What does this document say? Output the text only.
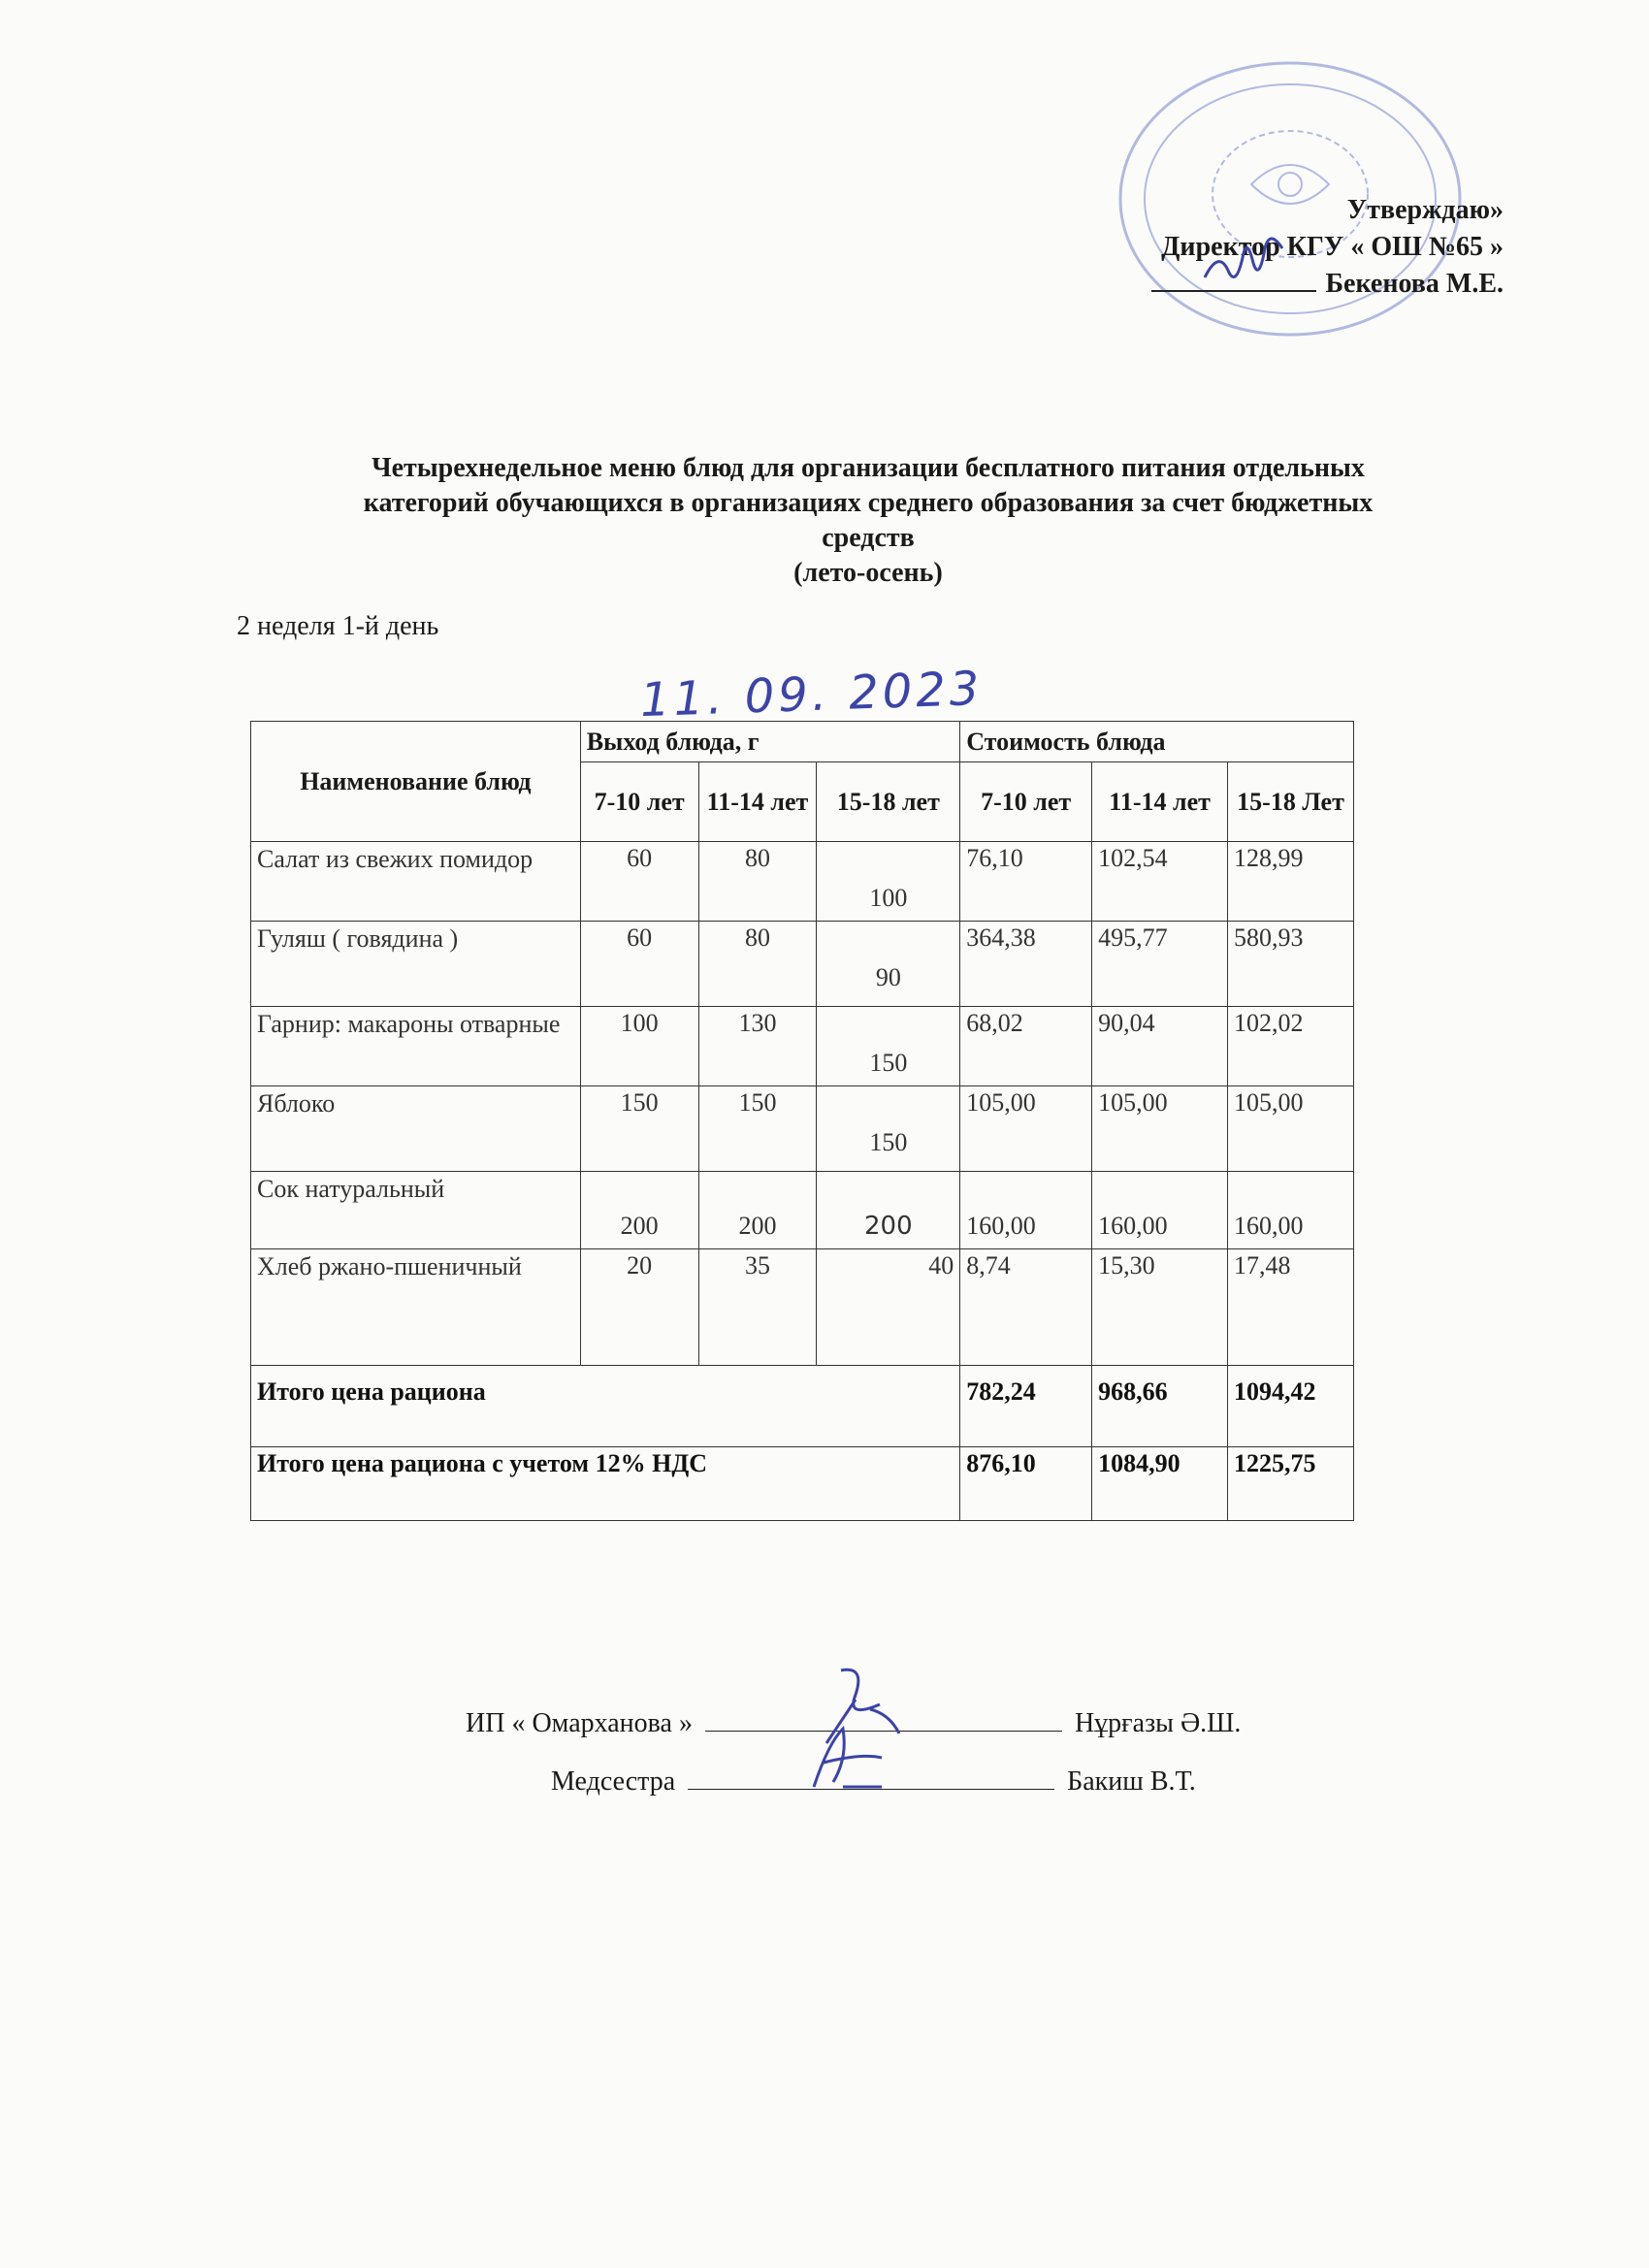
Утверждаю»
Директор КГУ « ОШ №65 »
Бекенова М.Е.
Четырехнедельное меню блюд для организации бесплатного питания отдельных
категорий обучающихся в организациях среднего образования за счет бюджетных
средств
(лето-осень)
2 неделя 1-й день
11. 09. 2023
Наименование блюд	Выход блюда, г			Стоимость блюда		
	7-10 лет	11-14 лет	15-18 лет	7-10 лет	11-14 лет	15-18 Лет
Салат из свежих помидор	60	80	100	76,10	102,54	128,99
Гуляш ( говядина )	60	80	90	364,38	495,77	580,93
Гарнир: макароны отварные	100	130	150	68,02	90,04	102,02
Яблоко	150	150	150	105,00	105,00	105,00
Сок натуральный	200	200	200	160,00	160,00	160,00
Хлеб ржано-пшеничный	20	35	40	8,74	15,30	17,48
Итого цена рациона				782,24	968,66	1094,42
Итого цена рациона с учетом 12% НДС				876,10	1084,90	1225,75
ИП « Омарханова »	Нұрғазы Ә.Ш.
Медсестра	Бакиш В.Т.
